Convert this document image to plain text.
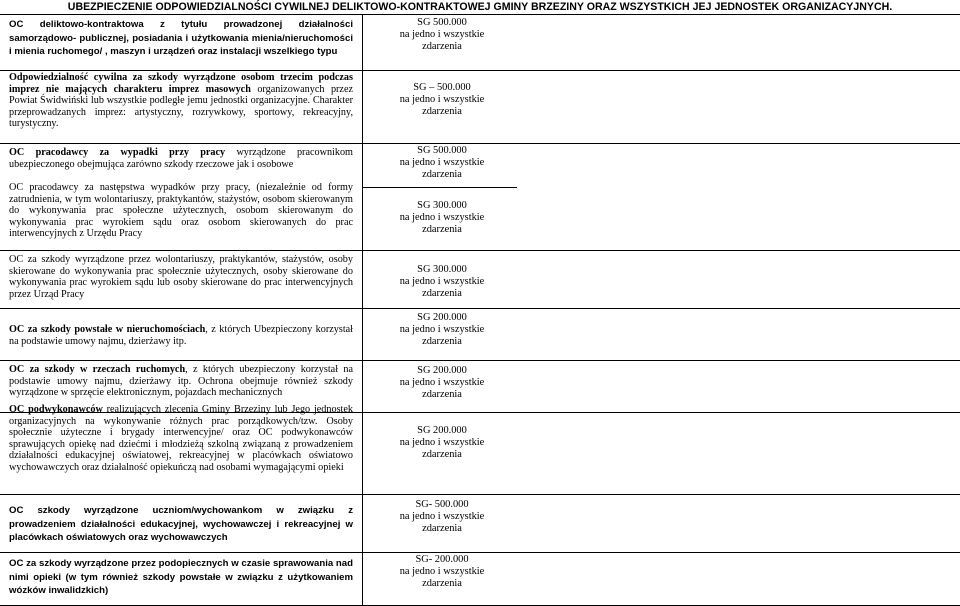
UBEZPIECZENIE ODPOWIEDZIALNOŚCI CYWILNEJ DELIKTOWO-KONTRAKTOWEJ GMINY BRZEZINY ORAZ WSZYSTKICH JEJ JEDNOSTEK ORGANIZACYJNYCH.

OC deliktowo-kontraktowa z tytułu prowadzonej działalności samorządowo- publicznej, posiadania i użytkowania mienia/nieruchomości i mienia ruchomego/ , maszyn i urządzeń oraz instalacji wszelkiego typu

SG 500.000
na jedno i wszystkie
zdarzenia

Odpowiedzialność cywilna za szkody wyrządzone osobom trzecim podczas imprez nie mających charakteru imprez masowych organizowanych przez Powiat Świdwiński lub wszystkie podległe jemu jednostki organizacyjne. Charakter przeprowadzanych imprez: artystyczny, rozrywkowy, sportowy, rekreacyjny, turystyczny.

SG – 500.000
na jedno i wszystkie
zdarzenia

OC pracodawcy za wypadki przy pracy wyrządzone pracownikom ubezpieczonego obejmująca zarówno szkody rzeczowe jak i osobowe

SG 500.000
na jedno i wszystkie
zdarzenia

OC pracodawcy za następstwa wypadków przy pracy, (niezależnie od formy zatrudnienia, w tym wolontariuszy, praktykantów, stażystów, osobom skierowanym do wykonywania prac społeczne użytecznych, osobom skierowanym do wykonywania prac wyrokiem sądu oraz osobom skierowanych do prac interwencyjnych z Urzędu Pracy

SG 300.000
na jedno i wszystkie
zdarzenia

OC za szkody wyrządzone przez wolontariuszy, praktykantów, stażystów, osoby skierowane do wykonywania prac społecznie użytecznych, osoby skierowane do wykonywania prac wyrokiem sądu lub osoby skierowane do prac interwencyjnych przez Urząd Pracy

SG 300.000
na jedno i wszystkie
zdarzenia

OC za szkody powstałe w nieruchomościach, z których Ubezpieczony korzystał na podstawie umowy najmu, dzierżawy itp.

SG 200.000
na jedno i wszystkie
zdarzenia

OC za szkody w rzeczach ruchomych, z których ubezpieczony korzystał na podstawie umowy najmu, dzierżawy itp. Ochrona obejmuje również szkody wyrządzone w sprzęcie elektronicznym, pojazdach mechanicznych

SG 200.000
na jedno i wszystkie
zdarzenia

OC podwykonawców realizujących zlecenia Gminy Brzeziny lub Jego jednostek organizacyjnych na wykonywanie różnych prac porządkowych/tzw. Osoby społecznie użyteczne i brygady interwencyjne/ oraz OC podwykonawców sprawujących opiekę nad dziećmi i młodzieżą szkolną związaną z prowadzeniem działalności edukacyjnej oświatowej, rekreacyjnej w placówkach oświatowo wychowawczych oraz działalność opiekuńczą nad osobami wymagającymi opieki

SG 200.000
na jedno i wszystkie
zdarzenia

OC szkody wyrządzone uczniom/wychowankom w związku z prowadzeniem działalności edukacyjnej, wychowawczej i rekreacyjnej w placówkach oświatowych oraz wychowawczych

SG- 500.000
na jedno i wszystkie
zdarzenia

OC za szkody wyrządzone przez podopiecznych w czasie sprawowania nad nimi opieki (w tym również szkody powstałe w związku z użytkowaniem wózków inwalidzkich)

SG- 200.000
na jedno i wszystkie
zdarzenia
